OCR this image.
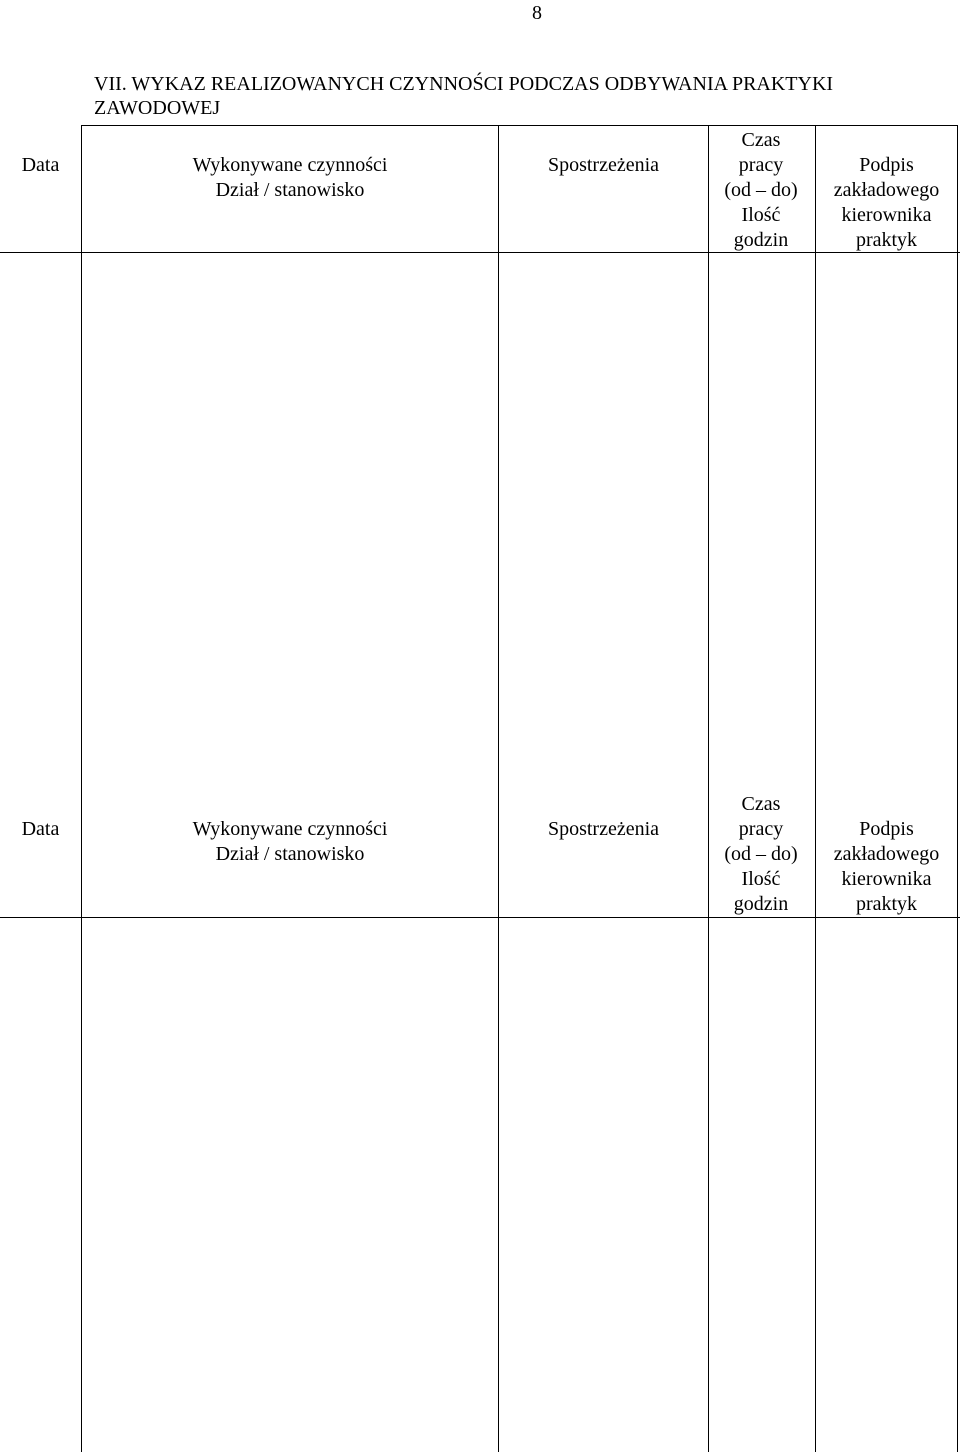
8
VII. WYKAZ REALIZOWANYCH CZYNNOŚCI PODCZAS ODBYWANIA PRAKTYKI ZAWODOWEJ
Data	Wykonywane czynności
Dział / stanowisko
Spostrzeżenia
Czas
pracy
(od – do)
Ilość
godzin
Podpis
zakładowego
kierownika
praktyk
Data	Wykonywane czynności
Dział / stanowisko
Spostrzeżenia
Czas
pracy
(od – do)
Ilość
godzin
Podpis
zakładowego
kierownika
praktyk
